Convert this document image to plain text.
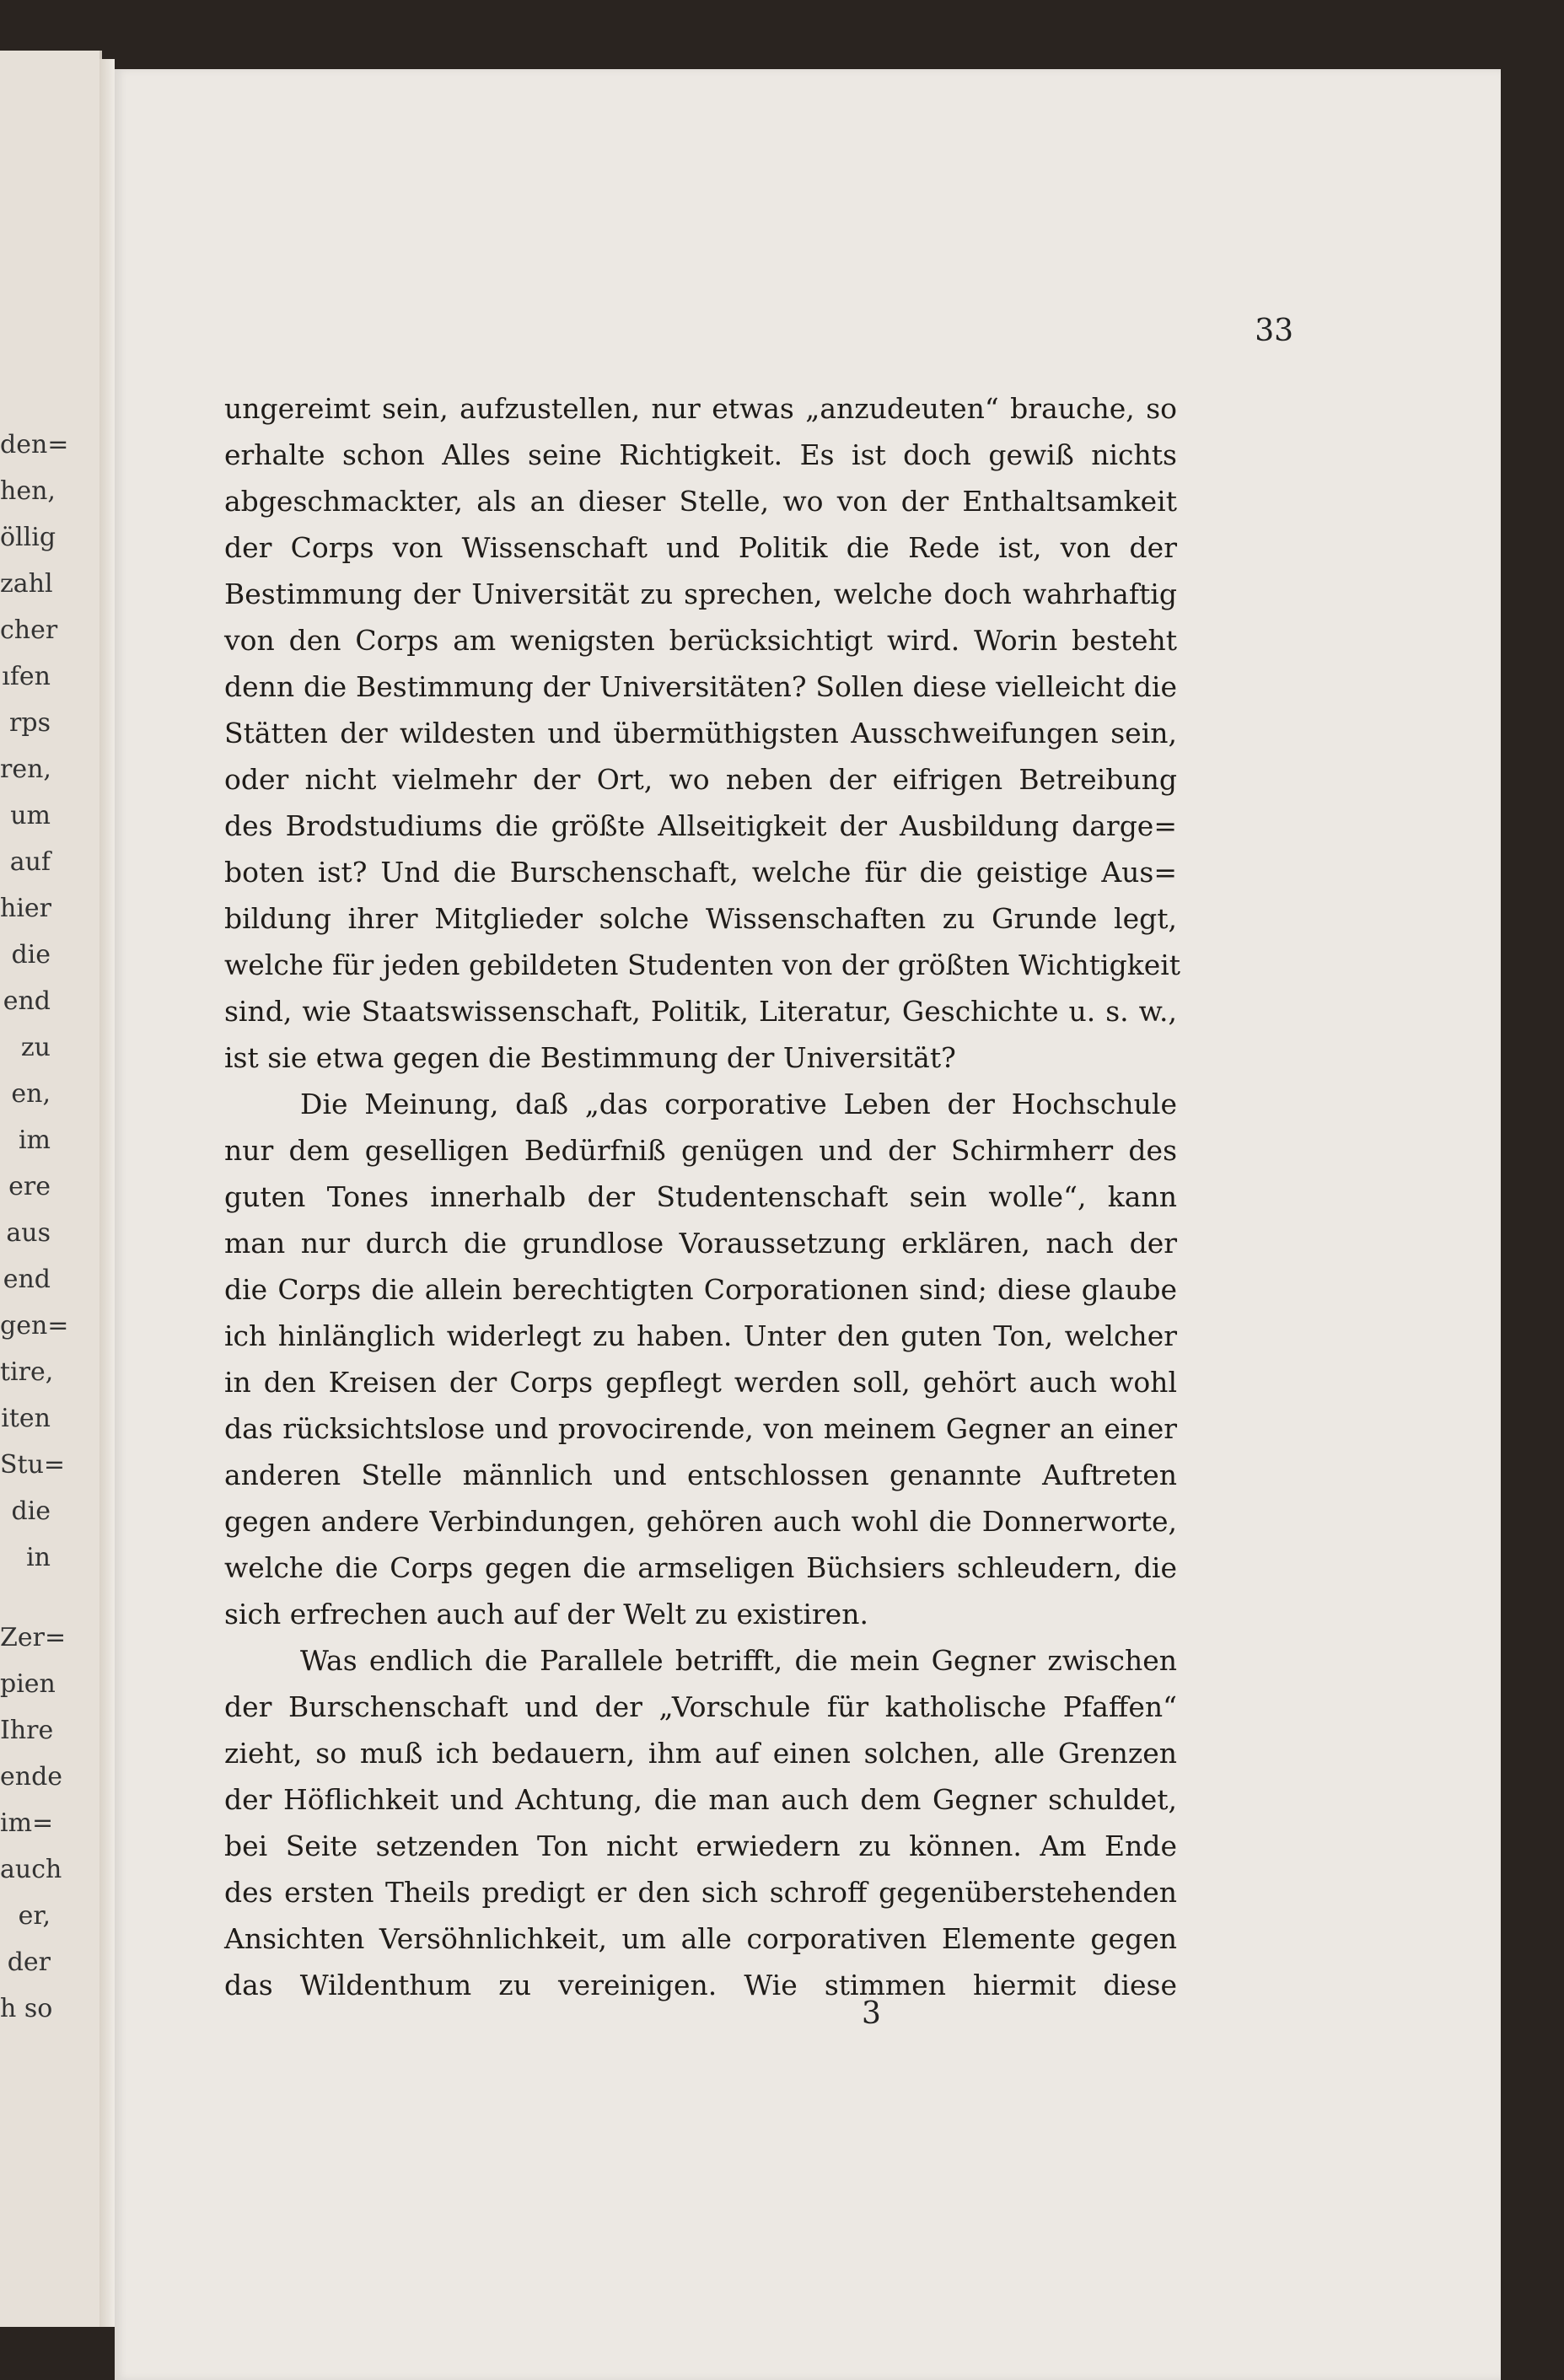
den=
hen,
öllig
zahl
cher
ıfen
rps
ren,
um
auf
hier
die
end
zu
en,
im
ere
aus
end
gen=
tire,
iten
Stu=
die
in
Zer=
pien
Ihre
ende
im=
auch
er,
der
h so
33
ungereimt sein, aufzustellen, nur etwas „anzudeuten“ brauche, so
erhalte schon Alles seine Richtigkeit. Es ist doch gewiß nichts
abgeschmackter, als an dieser Stelle, wo von der Enthaltsamkeit
der Corps von Wissenschaft und Politik die Rede ist, von der
Bestimmung der Universität zu sprechen, welche doch wahrhaftig
von den Corps am wenigsten berücksichtigt wird. Worin besteht
denn die Bestimmung der Universitäten? Sollen diese vielleicht die
Stätten der wildesten und übermüthigsten Ausschweifungen sein,
oder nicht vielmehr der Ort, wo neben der eifrigen Betreibung
des Brodstudiums die größte Allseitigkeit der Ausbildung darge=
boten ist? Und die Burschenschaft, welche für die geistige Aus=
bildung ihrer Mitglieder solche Wissenschaften zu Grunde legt,
welche für jeden gebildeten Studenten von der größten Wichtigkeit
sind, wie Staatswissenschaft, Politik, Literatur, Geschichte u. s. w.,
ist sie etwa gegen die Bestimmung der Universität?
Die Meinung, daß „das corporative Leben der Hochschule
nur dem geselligen Bedürfniß genügen und der Schirmherr des
guten Tones innerhalb der Studentenschaft sein wolle“, kann
man nur durch die grundlose Voraussetzung erklären, nach der
die Corps die allein berechtigten Corporationen sind; diese glaube
ich hinlänglich widerlegt zu haben. Unter den guten Ton, welcher
in den Kreisen der Corps gepflegt werden soll, gehört auch wohl
das rücksichtslose und provocirende, von meinem Gegner an einer
anderen Stelle männlich und entschlossen genannte Auftreten
gegen andere Verbindungen, gehören auch wohl die Donnerworte,
welche die Corps gegen die armseligen Büchsiers schleudern, die
sich erfrechen auch auf der Welt zu existiren.
Was endlich die Parallele betrifft, die mein Gegner zwischen
der Burschenschaft und der „Vorschule für katholische Pfaffen“
zieht, so muß ich bedauern, ihm auf einen solchen, alle Grenzen
der Höflichkeit und Achtung, die man auch dem Gegner schuldet,
bei Seite setzenden Ton nicht erwiedern zu können. Am Ende
des ersten Theils predigt er den sich schroff gegenüberstehenden
Ansichten Versöhnlichkeit, um alle corporativen Elemente gegen
das Wildenthum zu vereinigen. Wie stimmen hiermit diese
3
